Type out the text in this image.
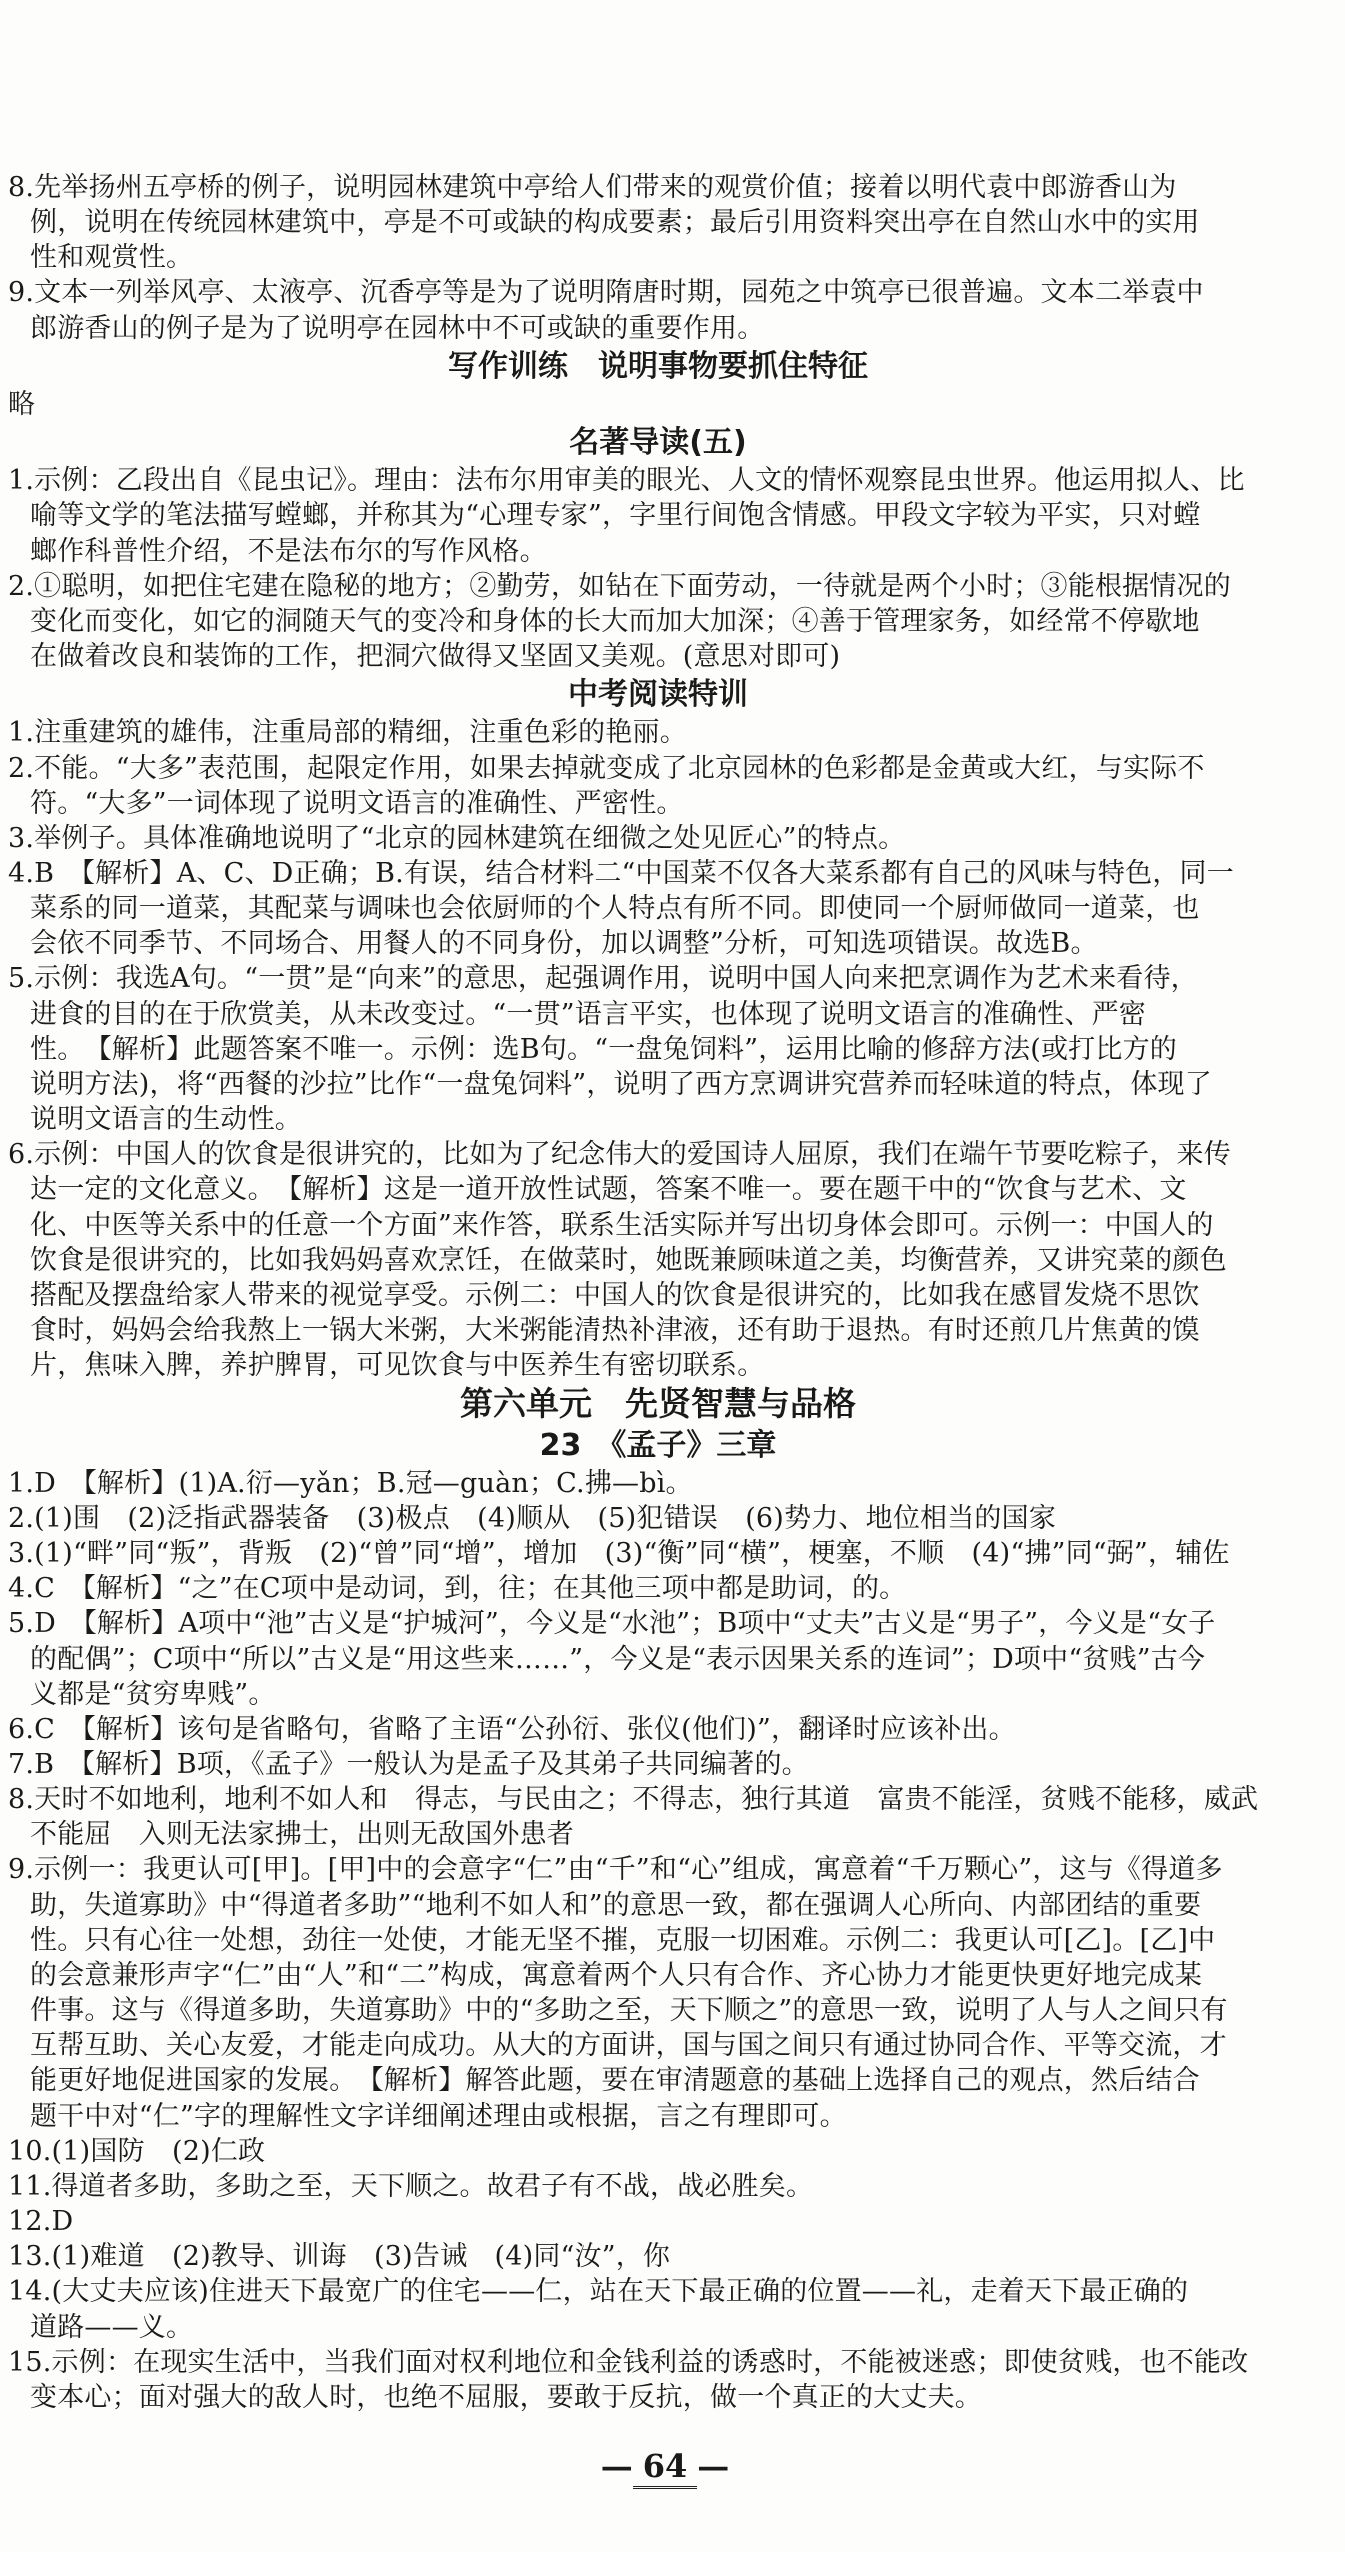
8.先举扬州五亭桥的例子，说明园林建筑中亭给人们带来的观赏价值；接着以明代袁中郎游香山为
例，说明在传统园林建筑中，亭是不可或缺的构成要素；最后引用资料突出亭在自然山水中的实用
性和观赏性。
9.文本一列举风亭、太液亭、沉香亭等是为了说明隋唐时期，园苑之中筑亭已很普遍。文本二举袁中
郎游香山的例子是为了说明亭在园林中不可或缺的重要作用。
写作训练　说明事物要抓住特征
略
名著导读(五)
1.示例：乙段出自《昆虫记》。理由：法布尔用审美的眼光、人文的情怀观察昆虫世界。他运用拟人、比
喻等文学的笔法描写螳螂，并称其为“心理专家”，字里行间饱含情感。甲段文字较为平实，只对螳
螂作科普性介绍，不是法布尔的写作风格。
2.①聪明，如把住宅建在隐秘的地方；②勤劳，如钻在下面劳动，一待就是两个小时；③能根据情况的
变化而变化，如它的洞随天气的变冷和身体的长大而加大加深；④善于管理家务，如经常不停歇地
在做着改良和装饰的工作，把洞穴做得又坚固又美观。(意思对即可)
中考阅读特训
1.注重建筑的雄伟，注重局部的精细，注重色彩的艳丽。
2.不能。“大多”表范围，起限定作用，如果去掉就变成了北京园林的色彩都是金黄或大红，与实际不
符。“大多”一词体现了说明文语言的准确性、严密性。
3.举例子。具体准确地说明了“北京的园林建筑在细微之处见匠心”的特点。
4.B　【解析】A、C、D正确；B.有误，结合材料二“中国菜不仅各大菜系都有自己的风味与特色，同一
菜系的同一道菜，其配菜与调味也会依厨师的个人特点有所不同。即使同一个厨师做同一道菜，也
会依不同季节、不同场合、用餐人的不同身份，加以调整”分析，可知选项错误。故选B。
5.示例：我选A句。“一贯”是“向来”的意思，起强调作用，说明中国人向来把烹调作为艺术来看待，
进食的目的在于欣赏美，从未改变过。“一贯”语言平实，也体现了说明文语言的准确性、严密
性。　【解析】此题答案不唯一。示例：选B句。“一盘兔饲料”，运用比喻的修辞方法(或打比方的
说明方法)，将“西餐的沙拉”比作“一盘兔饲料”，说明了西方烹调讲究营养而轻味道的特点，体现了
说明文语言的生动性。
6.示例：中国人的饮食是很讲究的，比如为了纪念伟大的爱国诗人屈原，我们在端午节要吃粽子，来传
达一定的文化意义。　【解析】这是一道开放性试题，答案不唯一。要在题干中的“饮食与艺术、文
化、中医等关系中的任意一个方面”来作答，联系生活实际并写出切身体会即可。示例一：中国人的
饮食是很讲究的，比如我妈妈喜欢烹饪，在做菜时，她既兼顾味道之美，均衡营养，又讲究菜的颜色
搭配及摆盘给家人带来的视觉享受。示例二：中国人的饮食是很讲究的，比如我在感冒发烧不思饮
食时，妈妈会给我熬上一锅大米粥，大米粥能清热补津液，还有助于退热。有时还煎几片焦黄的馍
片，焦味入脾，养护脾胃，可见饮食与中医养生有密切联系。
第六单元　先贤智慧与品格
23　《孟子》三章
1.D　【解析】(1)A.衍—yǎn；B.冠—guàn；C.拂—bì。
2.(1)围　(2)泛指武器装备　(3)极点　(4)顺从　(5)犯错误　(6)势力、地位相当的国家
3.(1)“畔”同“叛”，背叛　(2)“曾”同“增”，增加　(3)“衡”同“横”，梗塞，不顺　(4)“拂”同“弼”，辅佐
4.C　【解析】“之”在C项中是动词，到，往；在其他三项中都是助词，的。
5.D　【解析】A项中“池”古义是“护城河”，今义是“水池”；B项中“丈夫”古义是“男子”，今义是“女子
的配偶”；C项中“所以”古义是“用这些来……”，今义是“表示因果关系的连词”；D项中“贫贱”古今
义都是“贫穷卑贱”。
6.C　【解析】该句是省略句，省略了主语“公孙衍、张仪(他们)”，翻译时应该补出。
7.B　【解析】B项，《孟子》一般认为是孟子及其弟子共同编著的。
8.天时不如地利，地利不如人和　得志，与民由之；不得志，独行其道　富贵不能淫，贫贱不能移，威武
不能屈　入则无法家拂士，出则无敌国外患者
9.示例一：我更认可[甲]。[甲]中的会意字“仁”由“千”和“心”组成，寓意着“千万颗心”，这与《得道多
助，失道寡助》中“得道者多助”“地利不如人和”的意思一致，都在强调人心所向、内部团结的重要
性。只有心往一处想，劲往一处使，才能无坚不摧，克服一切困难。示例二：我更认可[乙]。[乙]中
的会意兼形声字“仁”由“人”和“二”构成，寓意着两个人只有合作、齐心协力才能更快更好地完成某
件事。这与《得道多助，失道寡助》中的“多助之至，天下顺之”的意思一致，说明了人与人之间只有
互帮互助、关心友爱，才能走向成功。从大的方面讲，国与国之间只有通过协同合作、平等交流，才
能更好地促进国家的发展。　【解析】解答此题，要在审清题意的基础上选择自己的观点，然后结合
题干中对“仁”字的理解性文字详细阐述理由或根据，言之有理即可。
10.(1)国防　(2)仁政
11.得道者多助，多助之至，天下顺之。故君子有不战，战必胜矣。
12.D
13.(1)难道　(2)教导、训诲　(3)告诫　(4)同“汝”，你
14.(大丈夫应该)住进天下最宽广的住宅——仁，站在天下最正确的位置——礼，走着天下最正确的
道路——义。
15.示例：在现实生活中，当我们面对权利地位和金钱利益的诱惑时，不能被迷惑；即使贫贱，也不能改
变本心；面对强大的敌人时，也绝不屈服，要敢于反抗，做一个真正的大丈夫。
— 64 —
